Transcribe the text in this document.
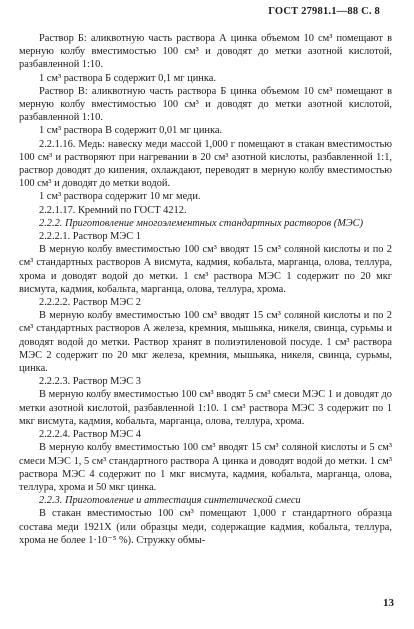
ГОСТ 27981.1—88 С. 8

Раствор Б: аликвотную часть раствора А цинка объемом 10 см³ помещают в мерную колбу вместимостью 100 см³ и доводят до метки азотной кислотой, разбавленной 1:10.

1 см³ раствора Б содержит 0,1 мг цинка.

Раствор В: аликвотную часть раствора Б цинка объемом 10 см³ помещают в мерную колбу вместимостью 100 см³ и доводят до метки азотной кислотой, разбавленной 1:10.

1 см³ раствора В содержит 0,01 мг цинка.

2.2.1.16. Медь: навеску меди массой 1,000 г помещают в стакан вместимостью 100 см³ и растворяют при нагревании в 20 см³ азотной кислоты, разбавленной 1:1, раствор доводят до кипения, охлаждают, переводят в мерную колбу вместимостью 100 см³ и доводят до метки водой.

1 см³ раствора содержит 10 мг меди.

2.2.1.17. Кремний по ГОСТ 4212.

2.2.2. Приготовление многоэлементных стандартных растворов (МЭС)

2.2.2.1. Раствор МЭС 1

В мерную колбу вместимостью 100 см³ вводят 15 см³ соляной кислоты и по 2 см³ стандартных растворов А висмута, кадмия, кобальта, марганца, олова, теллура, хрома и доводят водой до метки. 1 см³ раствора МЭС 1 содержит по 20 мкг висмута, кадмия, кобальта, марганца, олова, теллура, хрома.

2.2.2.2. Раствор МЭС 2

В мерную колбу вместимостью 100 см³ вводят 15 см³ соляной кислоты и по 2 см³ стандартных растворов А железа, кремния, мышьяка, никеля, свинца, сурьмы и доводят водой до метки. Раствор хранят в полиэтиленовой посуде. 1 см³ раствора МЭС 2 содержит по 20 мкг железа, кремния, мышьяка, никеля, свинца, сурьмы, цинка.

2.2.2.3. Раствор МЭС 3

В мерную колбу вместимостью 100 см³ вводят 5 см³ смеси МЭС 1 и доводят до метки азотной кислотой, разбавленной 1:10. 1 см³ раствора МЭС 3 содержит по 1 мкг висмута, кадмия, кобальта, марганца, олова, теллура, хрома.

2.2.2.4. Раствор МЭС 4

В мерную колбу вместимостью 100 см³ вводят 15 см³ соляной кислоты и 5 см³ смеси МЭС 1, 5 см³ стандартного раствора А цинка и доводят водой до метки. 1 см³ раствора МЭС 4 содержит по 1 мкг висмута, кадмия, кобальта, марганца, олова, теллура, хрома и 50 мкг цинка.

2.2.3. Приготовление и аттестация синтетической смеси

В стакан вместимостью 100 см³ помещают 1,000 г стандартного образца состава меди 1921Х (или образцы меди, содержащие кадмия, кобальта, теллура, хрома не более 1·10⁻⁵ %). Стружку обмы-

13
